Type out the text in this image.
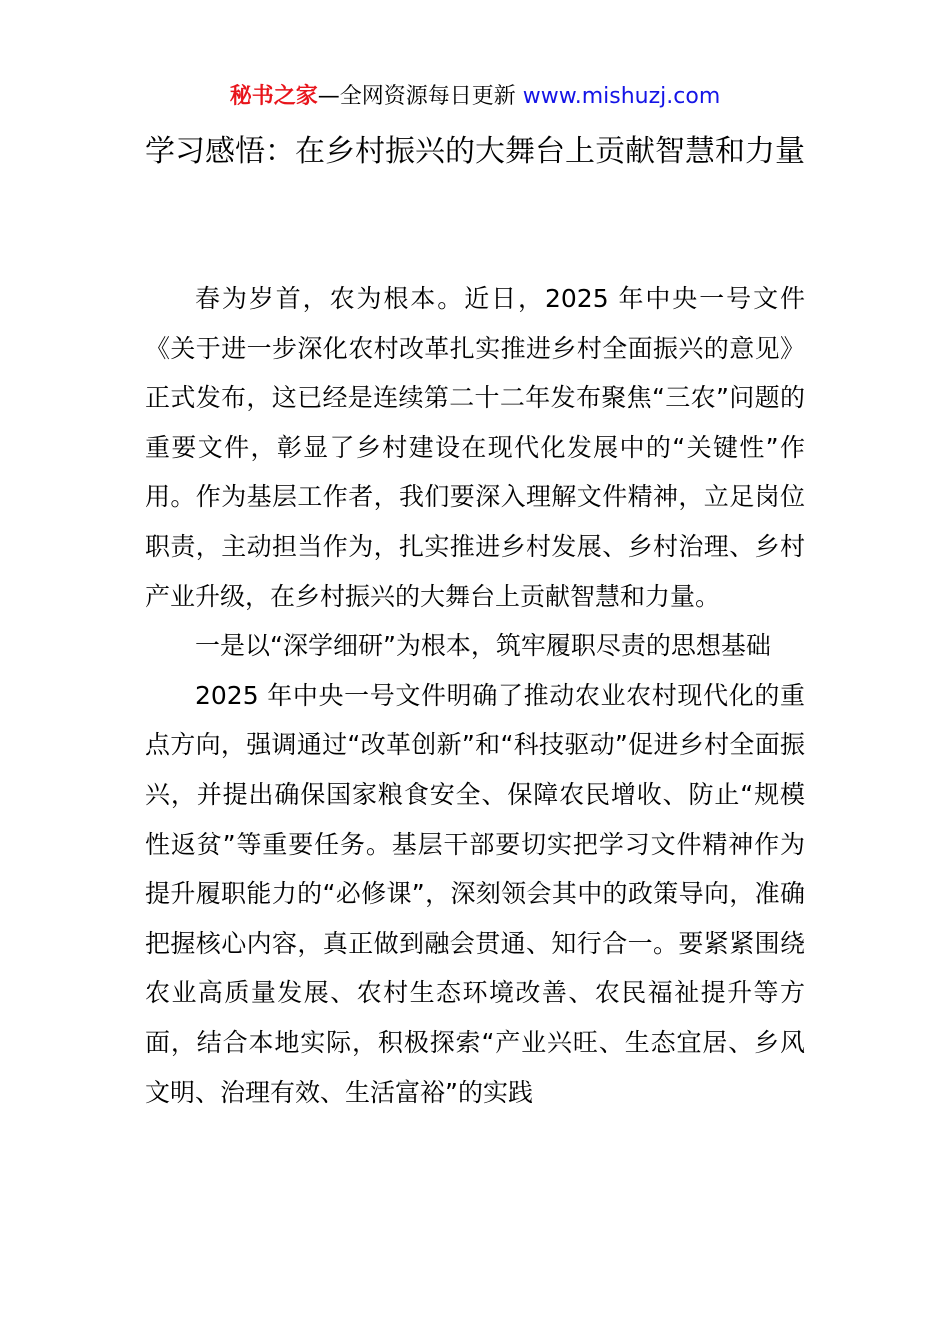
秘书之家—全网资源每日更新 www.mishuzj.com
学习感悟：在乡村振兴的大舞台上贡献智慧和力量

春为岁首，农为根本。近日，2025 年中央一号文件《关于进一步深化农村改革扎实推进乡村全面振兴的意见》正式发布，这已经是连续第二十二年发布聚焦“三农”问题的重要文件，彰显了乡村建设在现代化发展中的“关键性”作用。作为基层工作者，我们要深入理解文件精神，立足岗位职责，主动担当作为，扎实推进乡村发展、乡村治理、乡村产业升级，在乡村振兴的大舞台上贡献智慧和力量。

一是以“深学细研”为根本，筑牢履职尽责的思想基础

2025 年中央一号文件明确了推动农业农村现代化的重点方向，强调通过“改革创新”和“科技驱动”促进乡村全面振兴，并提出确保国家粮食安全、保障农民增收、防止“规模性返贫”等重要任务。基层干部要切实把学习文件精神作为提升履职能力的“必修课”，深刻领会其中的政策导向，准确把握核心内容，真正做到融会贯通、知行合一。要紧紧围绕农业高质量发展、农村生态环境改善、农民福祉提升等方面，结合本地实际，积极探索“产业兴旺、生态宜居、乡风文明、治理有效、生活富裕”的实践
